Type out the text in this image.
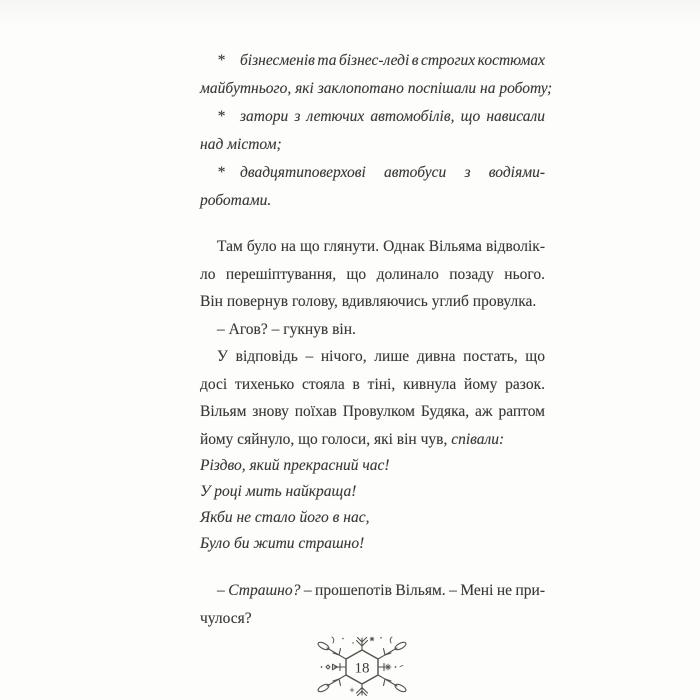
* бізнесменів та бізнес-леді в строгих костюмах
майбутнього, які заклопотано поспішали на роботу;
* затори з летючих автомобілів, що нависали
над містом;
* двадцятиповерхові автобуси з водіями-
роботами.
Там було на що глянути. Однак Вільяма відволік-
ло перешіптування, що долинало позаду нього.
Він повернув голову, вдивляючись углиб провулка.
– Агов? – гукнув він.
У відповідь – нічого, лише дивна постать, що
досі тихенько стояла в тіні, кивнула йому разок.
Вільям знову поїхав Провулком Будяка, аж раптом
йому сяйнуло, що голоси, які він чув, співали:
Різдво, який прекрасний час!
У році мить найкраща!
Якби не стало його в нас,
Було би жити страшно!
– Страшно? – прошепотів Вільям. – Мені не при-
чулося?
18
